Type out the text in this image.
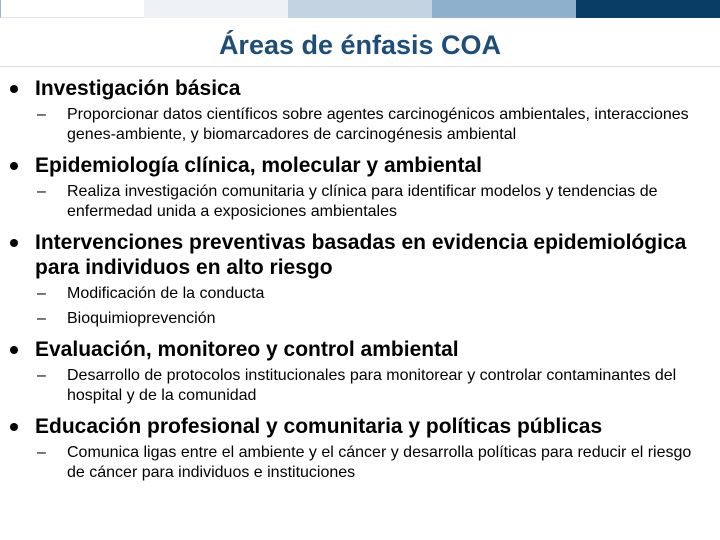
Áreas de énfasis COA
Investigación básica
– Proporcionar datos científicos sobre agentes carcinogénicos ambientales, interacciones genes-ambiente, y biomarcadores de carcinogénesis ambiental
Epidemiología clínica, molecular y ambiental
– Realiza investigación comunitaria y clínica para identificar modelos y tendencias de enfermedad unida a exposiciones ambientales
Intervenciones preventivas basadas en evidencia epidemiológica para individuos en alto riesgo
– Modificación de la conducta
– Bioquimioprevención
Evaluación, monitoreo y control ambiental
– Desarrollo de protocolos institucionales para monitorear y controlar contaminantes del hospital y de la comunidad
Educación profesional y comunitaria y políticas públicas
– Comunica ligas entre el ambiente y el cáncer y desarrolla políticas para reducir el riesgo de cáncer para individuos e instituciones
